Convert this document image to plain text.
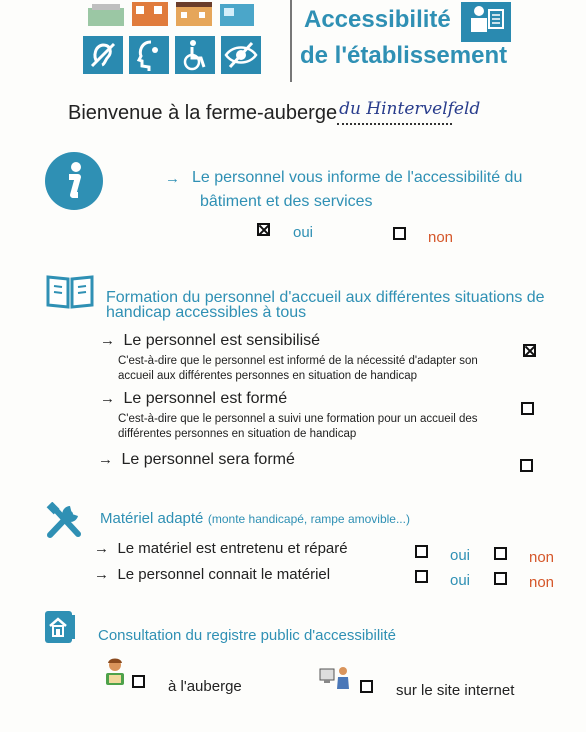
Accessibilité
de l'établissement
Bienvenue à la ferme-auberge du Hintervelfeld
→ Le personnel vous informe de l'accessibilité du
bâtiment et des services
oui	non
Formation du personnel d'accueil aux différentes situations de
handicap accessibles à tous
→ Le personnel est sensibilisé
C'est-à-dire que le personnel est informé de la nécessité d'adapter son
accueil aux différentes personnes en situation de handicap
→ Le personnel est formé
C'est-à-dire que le personnel a suivi une formation pour un accueil des
différentes personnes en situation de handicap
→ Le personnel sera formé
Matériel adapté (monte handicapé, rampe amovible...)
→ Le matériel est entretenu et réparé	oui	non
→ Le personnel connait le matériel	oui	non
Consultation du registre public d'accessibilité
à l'auberge	sur le site internet
